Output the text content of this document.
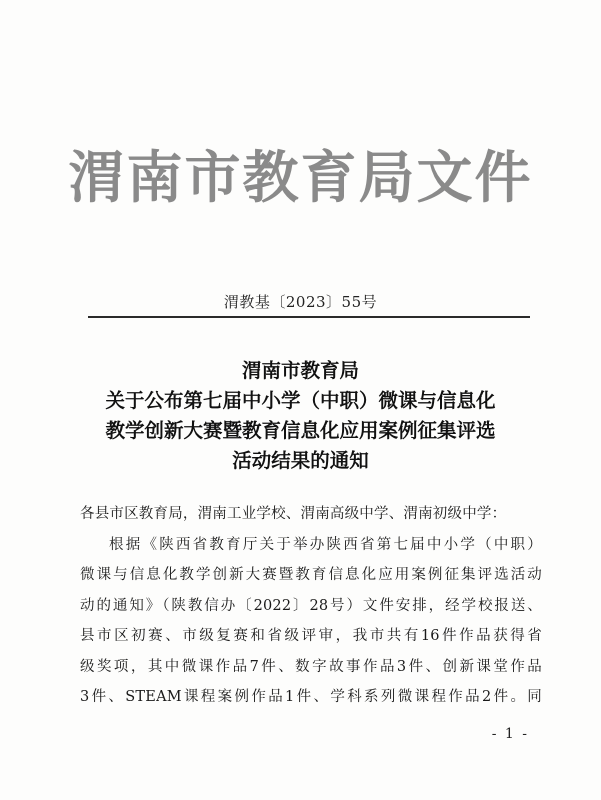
渭南市教育局文件
渭教基〔2023〕55号
渭南市教育局
关于公布第七届中小学（中职）微课与信息化
教学创新大赛暨教育信息化应用案例征集评选
活动结果的通知
各县市区教育局，渭南工业学校、渭南高级中学、渭南初级中学：
根据《陕西省教育厅关于举办陕西省第七届中小学（中职）
微课与信息化教学创新大赛暨教育信息化应用案例征集评选活动
动的通知》（陕教信办〔2022〕28号）文件安排，经学校报送、
县市区初赛、市级复赛和省级评审，我市共有16件作品获得省
级奖项，其中微课作品7件、数字故事作品3件、创新课堂作品
3件、STEAM课程案例作品1件、学科系列微课程作品2件。同
- 1 -
